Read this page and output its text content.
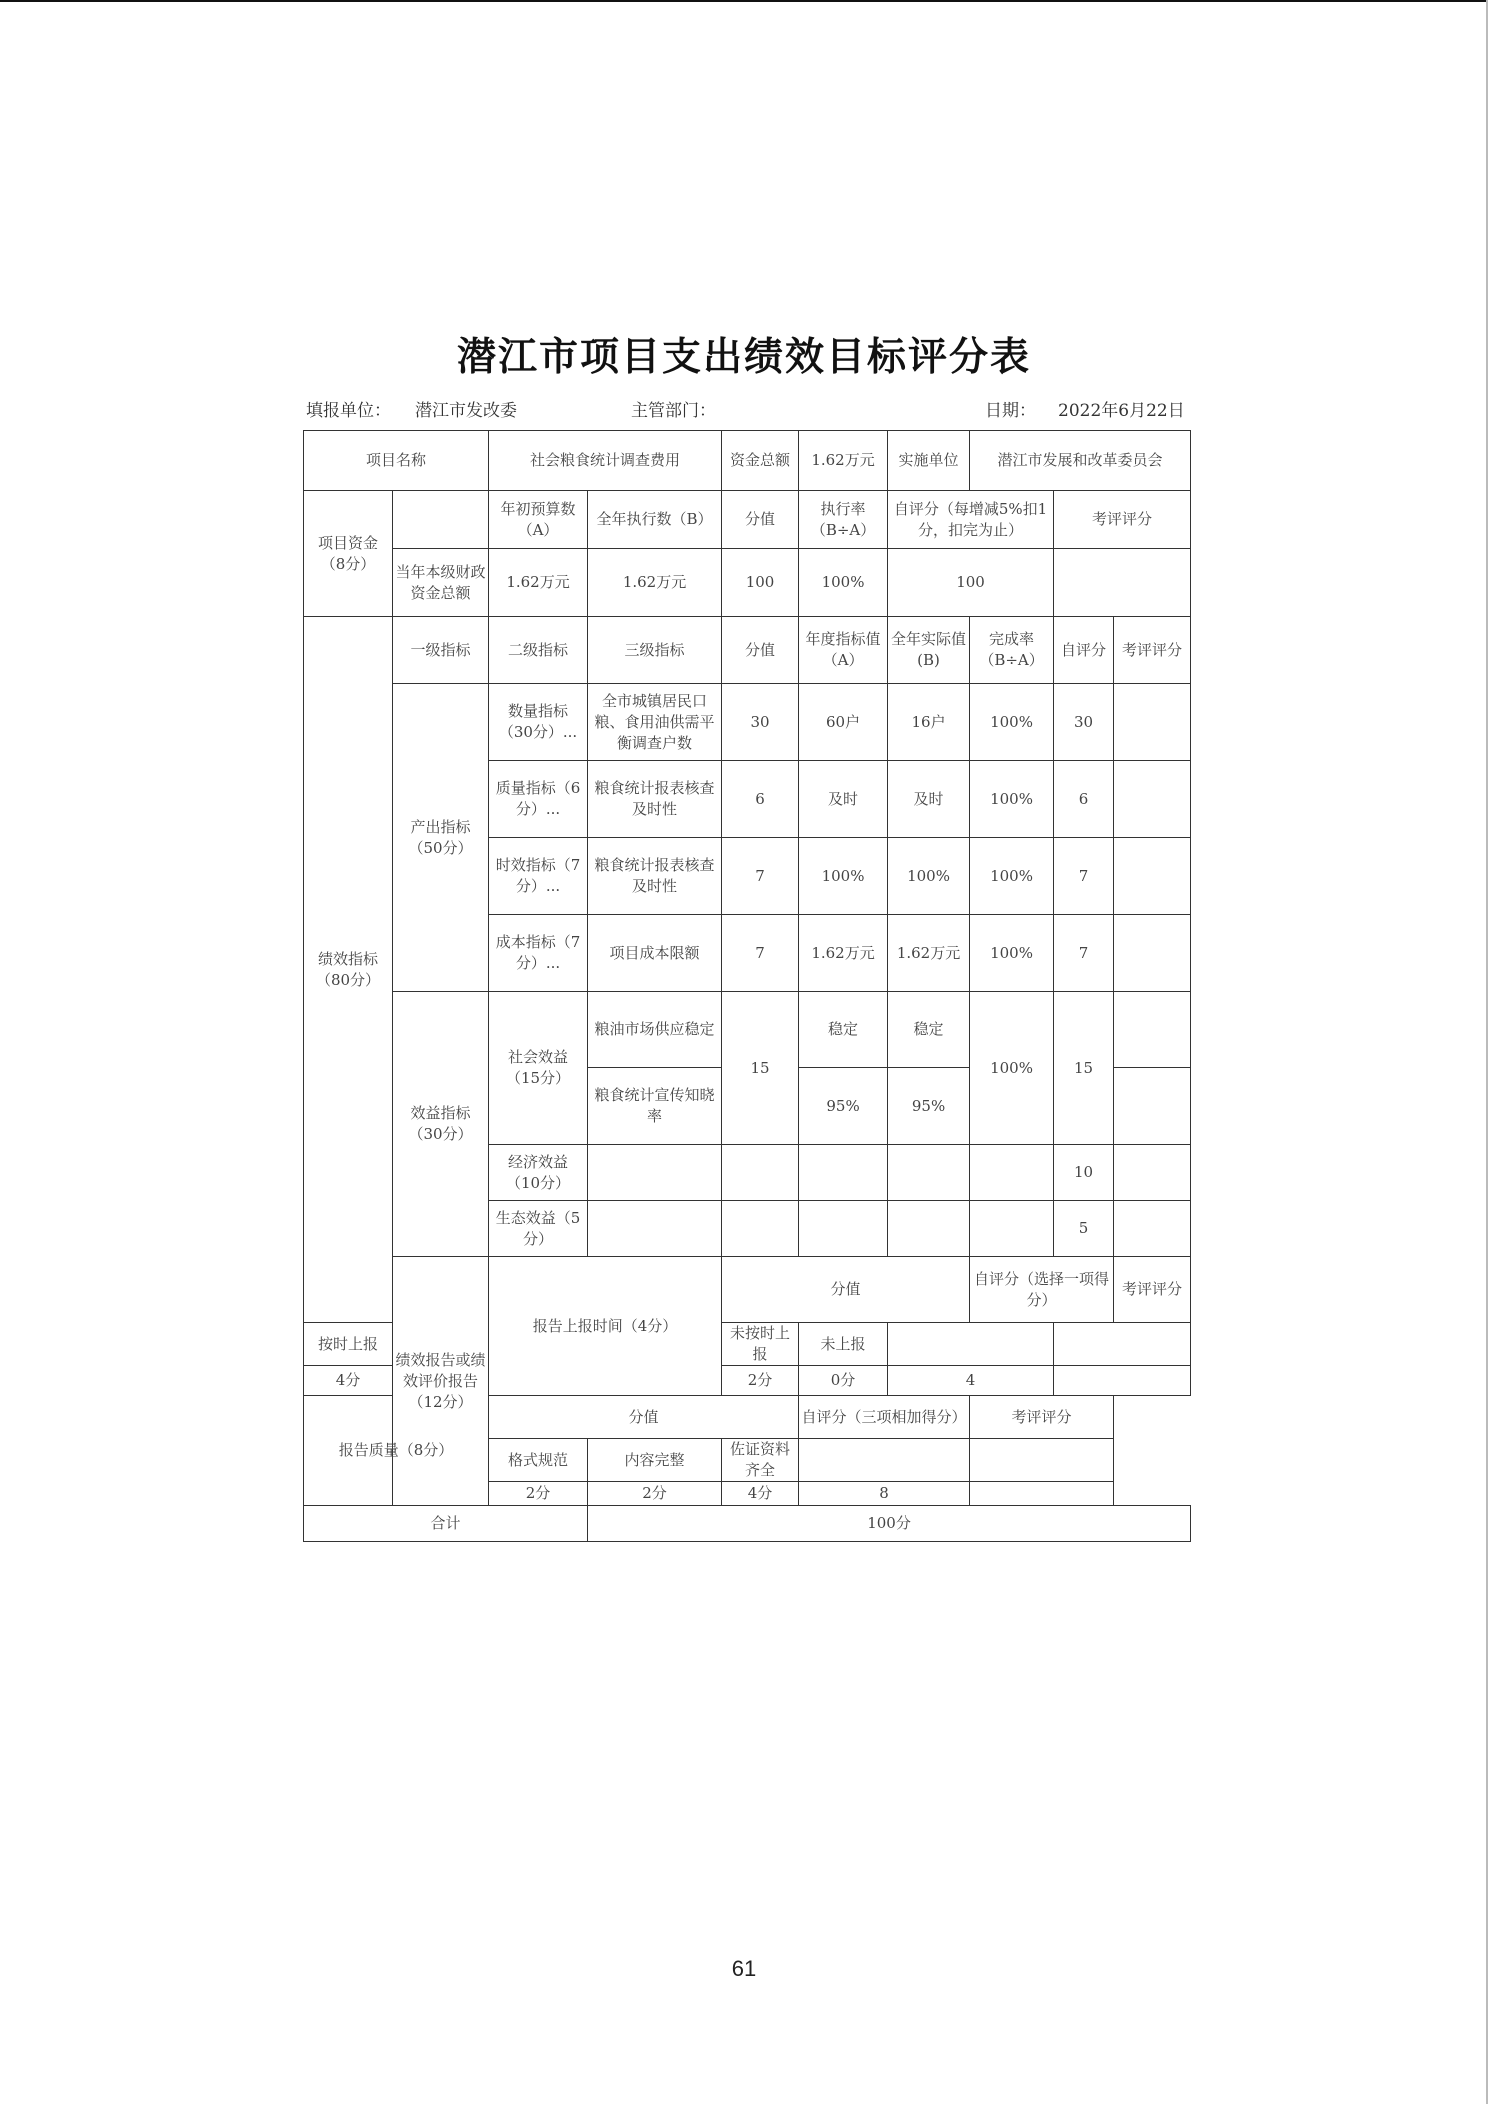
潜江市项目支出绩效目标评分表
填报单位： 潜江市发改委	主管部门：	日期： 2022年6月22日
项目名称		社会粮食统计调查费用		资金总额	1.62万元	实施单位	潜江市发展和改革委员会			
项目资金（8分）		年初预算数（A）	全年执行数（B）	分值	执行率（B÷A）	自评分（每增减5%扣1分，扣完为止）		考评评分		
	当年本级财政资金总额	1.62万元	1.62万元	100	100%	100				
绩效指标（80分）	一级指标	二级指标	三级指标	分值	年度指标值（A）	全年实际值(B)	完成率（B÷A）	自评分	考评评分	
	产出指标（50分）	数量指标（30分）...	全市城镇居民口粮、食用油供需平衡调查户数	30	60户	16户	100%	30		
		质量指标（6分）...	粮食统计报表核查及时性	6	及时	及时	100%	6		
		时效指标（7分）...	粮食统计报表核查及时性	7	100%	100%	100%	7		
		成本指标（7分）...	项目成本限额	7	1.62万元	1.62万元	100%	7		
	效益指标（30分）	社会效益（15分）	粮油市场供应稳定	15	稳定	稳定	100%	15		
			粮食统计宣传知晓率		95%	95%				
		经济效益（10分）						10		
		生态效益（5分）						5		
	绩效报告或绩效评价报告（12分）	报告上报时间（4分）		分值			自评分（选择一项得分）		考评评分	
按时上报				未按时上报	未上报					
4分				2分	0分	4				
报告质量（8分）		分值			自评分（三项相加得分）		考评评分			
		格式规范	内容完整	佐证资料齐全						
		2分	2分	4分	8					
合计			100分							
61
